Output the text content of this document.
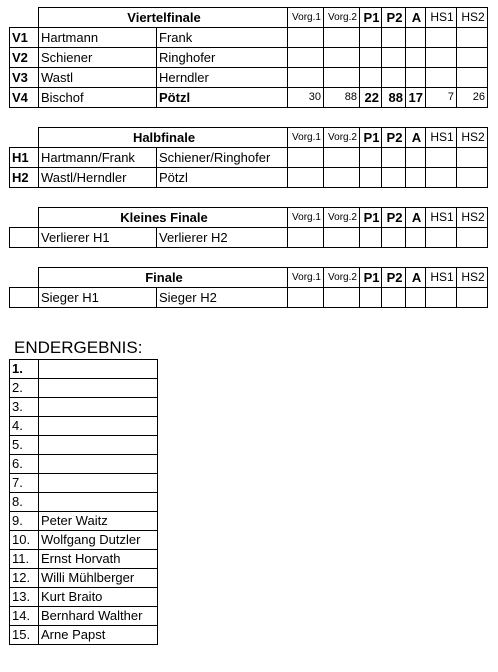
	Viertelfinale		Vorg.1	Vorg.2	P1	P2	A	HS1	HS2
V1	Hartmann	Frank							
V2	Schiener	Ringhofer							
V3	Wastl	Herndler							
V4	Bischof	Pötzl	30	88	22	88	17	7	26
	Halbfinale		Vorg.1	Vorg.2	P1	P2	A	HS1	HS2
H1	Hartmann/Frank	Schiener/Ringhofer							
H2	Wastl/Herndler	Pötzl							
	Kleines Finale		Vorg.1	Vorg.2	P1	P2	A	HS1	HS2
	Verlierer H1	Verlierer H2							
	Finale		Vorg.1	Vorg.2	P1	P2	A	HS1	HS2
	Sieger H1	Sieger H2							
ENDERGEBNIS:
1.	
2.	
3.	
4.	
5.	
6.	
7.	
8.	
9.	Peter Waitz
10.	Wolfgang Dutzler
11.	Ernst Horvath
12.	Willi Mühlberger
13.	Kurt Braito
14.	Bernhard Walther
15.	Arne Papst
